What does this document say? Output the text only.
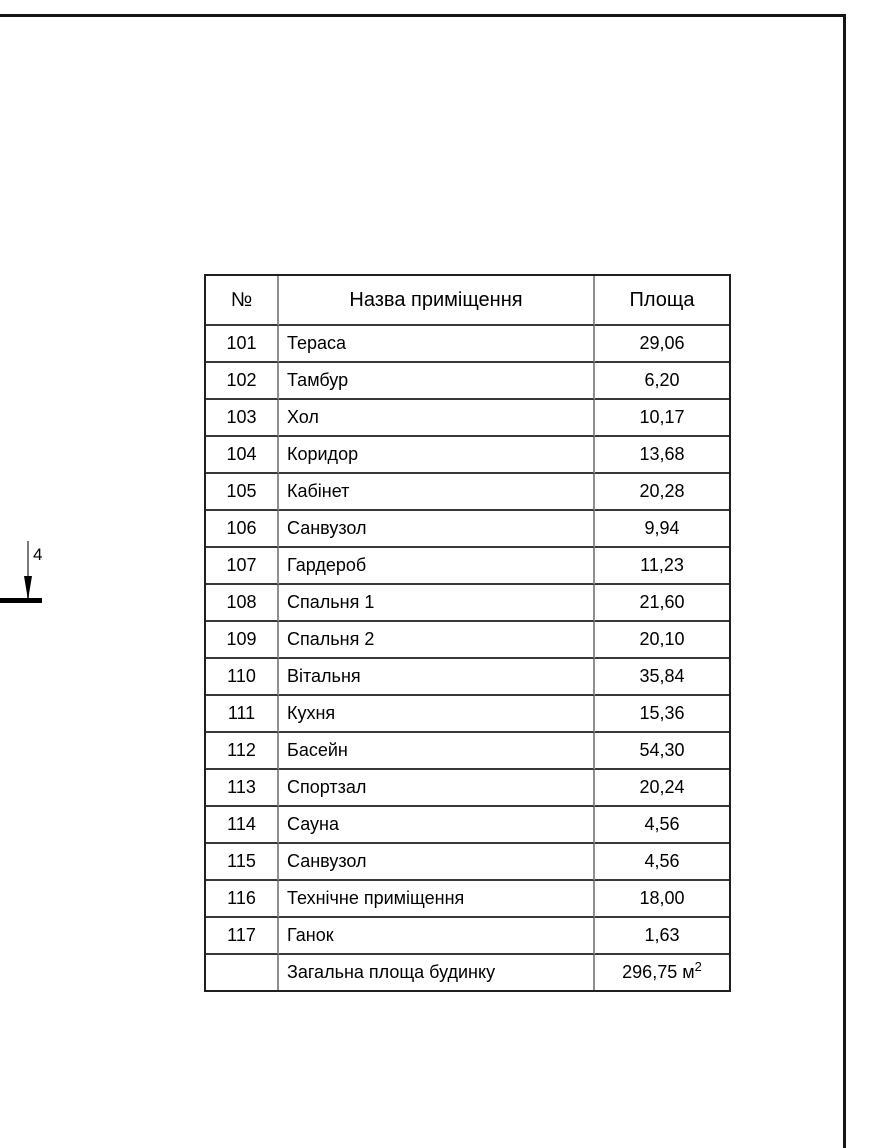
4
№	Назва приміщення	Площа
101	Тераса	29,06
102	Тамбур	6,20
103	Хол	10,17
104	Коридор	13,68
105	Кабінет	20,28
106	Санвузол	9,94
107	Гардероб	11,23
108	Спальня 1	21,60
109	Спальня 2	20,10
110	Вітальня	35,84
111	Кухня	15,36
112	Басейн	54,30
113	Спортзал	20,24
114	Сауна	4,56
115	Санвузол	4,56
116	Технічне приміщення	18,00
117	Ганок	1,63
	Загальна площа будинку	296,75 $м^2$
